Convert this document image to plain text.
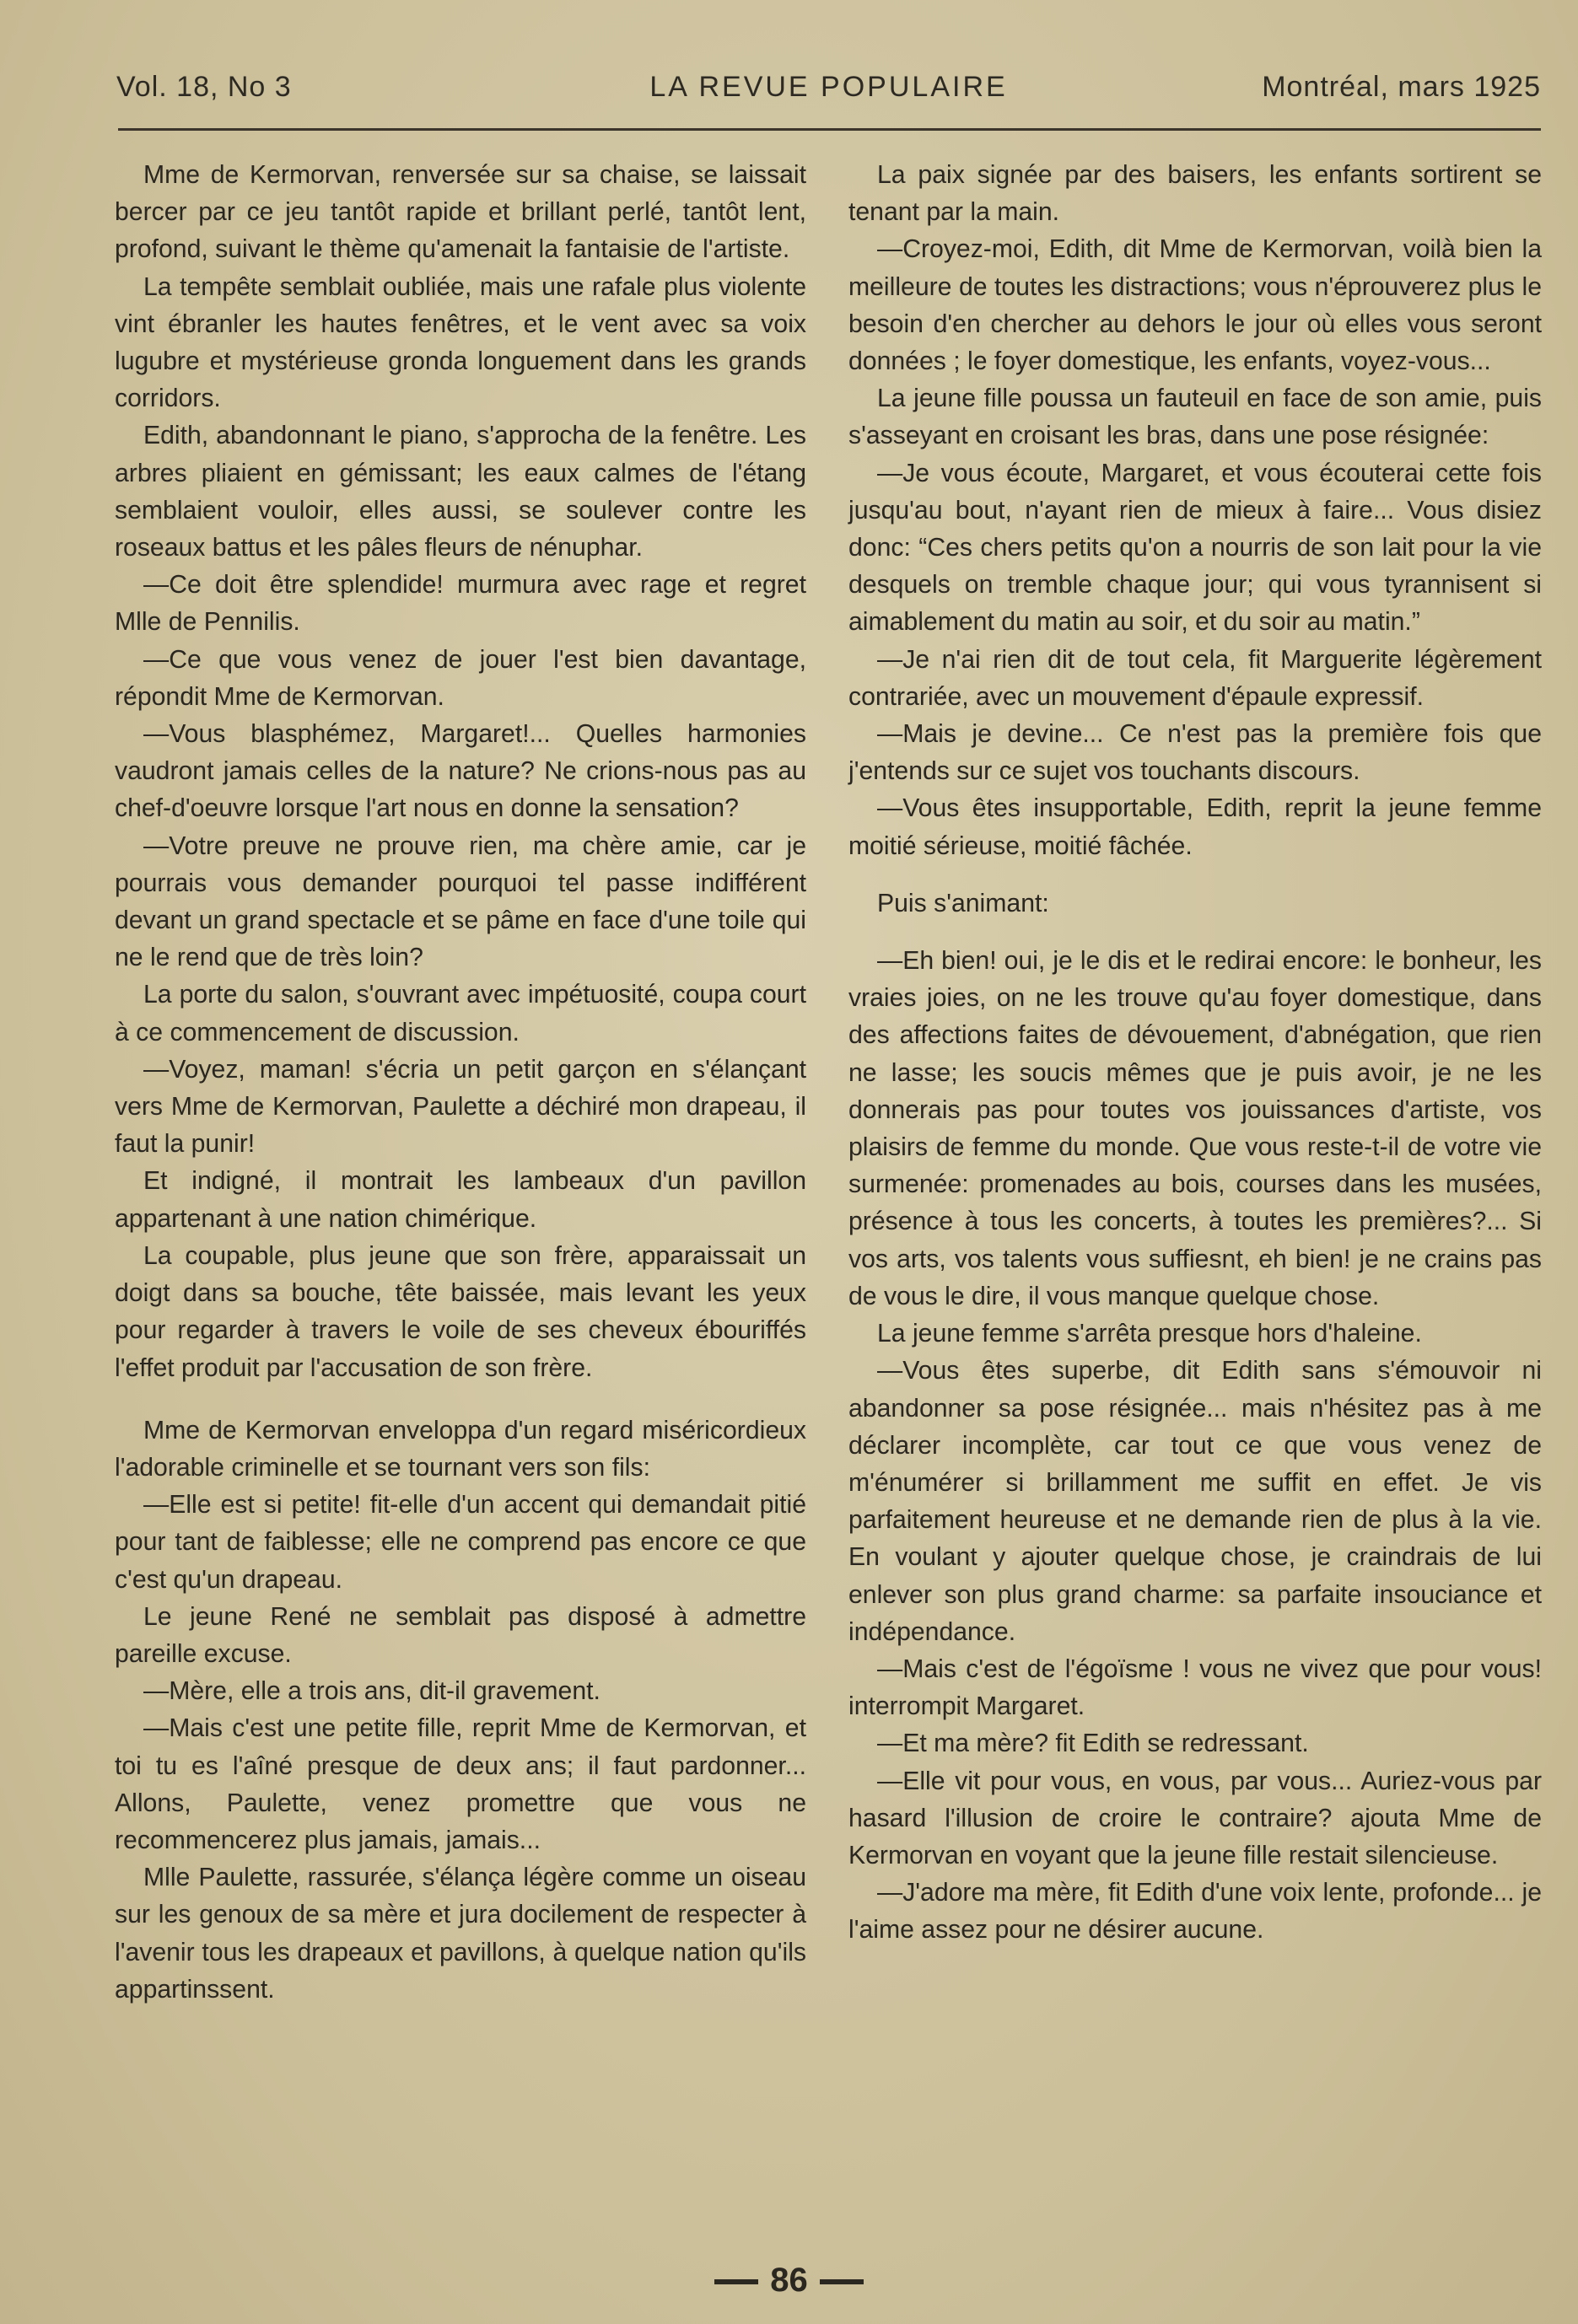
Vol. 18, No 3	LA REVUE POPULAIRE	Montréal, mars 1925

Mme de Kermorvan, renversée sur sa chaise, se laissait bercer par ce jeu tantôt rapide et brillant perlé, tantôt lent, profond, suivant le thème qu'amenait la fantaisie de l'artiste.

La tempête semblait oubliée, mais une rafale plus violente vint ébranler les hautes fenêtres, et le vent avec sa voix lugubre et mystérieuse gronda longuement dans les grands corridors.

Edith, abandonnant le piano, s'approcha de la fenêtre. Les arbres pliaient en gémissant; les eaux calmes de l'étang semblaient vouloir, elles aussi, se soulever contre les roseaux battus et les pâles fleurs de nénuphar.

—Ce doit être splendide! murmura avec rage et regret Mlle de Pennilis.

—Ce que vous venez de jouer l'est bien davantage, répondit Mme de Kermorvan.

—Vous blasphémez, Margaret!... Quelles harmonies vaudront jamais celles de la nature? Ne crions-nous pas au chef-d'oeuvre lorsque l'art nous en donne la sensation?

—Votre preuve ne prouve rien, ma chère amie, car je pourrais vous demander pourquoi tel passe indifférent devant un grand spectacle et se pâme en face d'une toile qui ne le rend que de très loin?

La porte du salon, s'ouvrant avec impétuosité, coupa court à ce commencement de discussion.

—Voyez, maman! s'écria un petit garçon en s'élançant vers Mme de Kermorvan, Paulette a déchiré mon drapeau, il faut la punir!

Et indigné, il montrait les lambeaux d'un pavillon appartenant à une nation chimérique.

La coupable, plus jeune que son frère, apparaissait un doigt dans sa bouche, tête baissée, mais levant les yeux pour regarder à travers le voile de ses cheveux ébouriffés l'effet produit par l'accusation de son frère.

Mme de Kermorvan enveloppa d'un regard miséricordieux l'adorable criminelle et se tournant vers son fils:

—Elle est si petite! fit-elle d'un accent qui demandait pitié pour tant de faiblesse; elle ne comprend pas encore ce que c'est qu'un drapeau.

Le jeune René ne semblait pas disposé à admettre pareille excuse.

—Mère, elle a trois ans, dit-il gravement.

—Mais c'est une petite fille, reprit Mme de Kermorvan, et toi tu es l'aîné presque de deux ans; il faut pardonner... Allons, Paulette, venez promettre que vous ne recommencerez plus jamais, jamais...

Mlle Paulette, rassurée, s'élança légère comme un oiseau sur les genoux de sa mère et jura docilement de respecter à l'avenir tous les drapeaux et pavillons, à quelque nation qu'ils appartinssent.

La paix signée par des baisers, les enfants sortirent se tenant par la main.

—Croyez-moi, Edith, dit Mme de Kermorvan, voilà bien la meilleure de toutes les distractions; vous n'éprouverez plus le besoin d'en chercher au dehors le jour où elles vous seront données ; le foyer domestique, les enfants, voyez-vous...

La jeune fille poussa un fauteuil en face de son amie, puis s'asseyant en croisant les bras, dans une pose résignée:

—Je vous écoute, Margaret, et vous écouterai cette fois jusqu'au bout, n'ayant rien de mieux à faire... Vous disiez donc: “Ces chers petits qu'on a nourris de son lait pour la vie desquels on tremble chaque jour; qui vous tyrannisent si aimablement du matin au soir, et du soir au matin.”

—Je n'ai rien dit de tout cela, fit Marguerite légèrement contrariée, avec un mouvement d'épaule expressif.

—Mais je devine... Ce n'est pas la première fois que j'entends sur ce sujet vos touchants discours.

—Vous êtes insupportable, Edith, reprit la jeune femme moitié sérieuse, moitié fâchée.

Puis s'animant:

—Eh bien! oui, je le dis et le redirai encore: le bonheur, les vraies joies, on ne les trouve qu'au foyer domestique, dans des affections faites de dévouement, d'abnégation, que rien ne lasse; les soucis mêmes que je puis avoir, je ne les donnerais pas pour toutes vos jouissances d'artiste, vos plaisirs de femme du monde. Que vous reste-t-il de votre vie surmenée: promenades au bois, courses dans les musées, présence à tous les concerts, à toutes les premières?... Si vos arts, vos talents vous suffiesnt, eh bien! je ne crains pas de vous le dire, il vous manque quelque chose.

La jeune femme s'arrêta presque hors d'haleine.

—Vous êtes superbe, dit Edith sans s'émouvoir ni abandonner sa pose résignée... mais n'hésitez pas à me déclarer incomplète, car tout ce que vous venez de m'énumérer si brillamment me suffit en effet. Je vis parfaitement heureuse et ne demande rien de plus à la vie. En voulant y ajouter quelque chose, je craindrais de lui enlever son plus grand charme: sa parfaite insouciance et indépendance.

—Mais c'est de l'égoïsme ! vous ne vivez que pour vous! interrompit Margaret.

—Et ma mère? fit Edith se redressant.

—Elle vit pour vous, en vous, par vous... Auriez-vous par hasard l'illusion de croire le contraire? ajouta Mme de Kermorvan en voyant que la jeune fille restait silencieuse.

—J'adore ma mère, fit Edith d'une voix lente, profonde... je l'aime assez pour ne désirer aucune.

86
